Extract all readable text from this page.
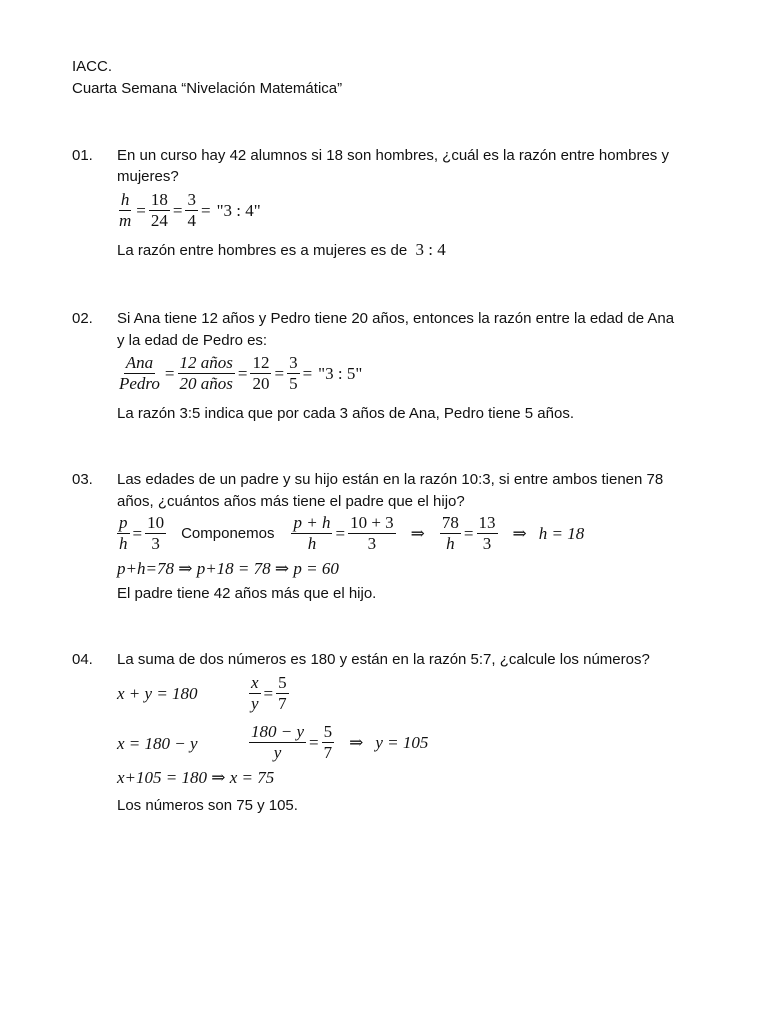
IACC.
Cuarta Semana “Nivelación Matemática”
01. En un curso hay 42 alumnos si 18 son hombres, ¿cuál es la razón entre hombres y
mujeres?
$\frac{h}{m} = \frac{18}{24} = \frac{3}{4}$ = "3 : 4"
La razón entre hombres es a mujeres es de 3 : 4
02. Si Ana tiene 12 años y Pedro tiene 20 años, entonces la razón entre la edad de Ana
y la edad de Pedro es:
$\frac{\text{Ana}}{\text{Pedro}} = \frac{\text{12 años}}{\text{20 años}} = \frac{12}{20} = \frac{3}{5}$ = "3 : 5"
La razón 3:5 indica que por cada 3 años de Ana, Pedro tiene 5 años.
03. Las edades de un padre y su hijo están en la razón 10:3, si entre ambos tienen 78
años, ¿cuántos años más tiene el padre que el hijo?
$\frac{p}{h} = \frac{10}{3}$ Componemos $\frac{p + h}{h} = \frac{10 + 3}{3}$ ⇒ $\frac{78}{h} = \frac{13}{3}$ ⇒ h = 18
p+h=78 ⇒ p+18 = 78 ⇒ p = 60
El padre tiene 42 años más que el hijo.
04. La suma de dos números es 180 y están en la razón 5:7, ¿calcule los números?
x + y = 180	$\frac{x}{y} = \frac{5}{7}$
x = 180 − y	$\frac{180 - y}{y} = \frac{5}{7}$ ⇒ y = 105
x+105 = 180 ⇒ x = 75
Los números son 75 y 105.
